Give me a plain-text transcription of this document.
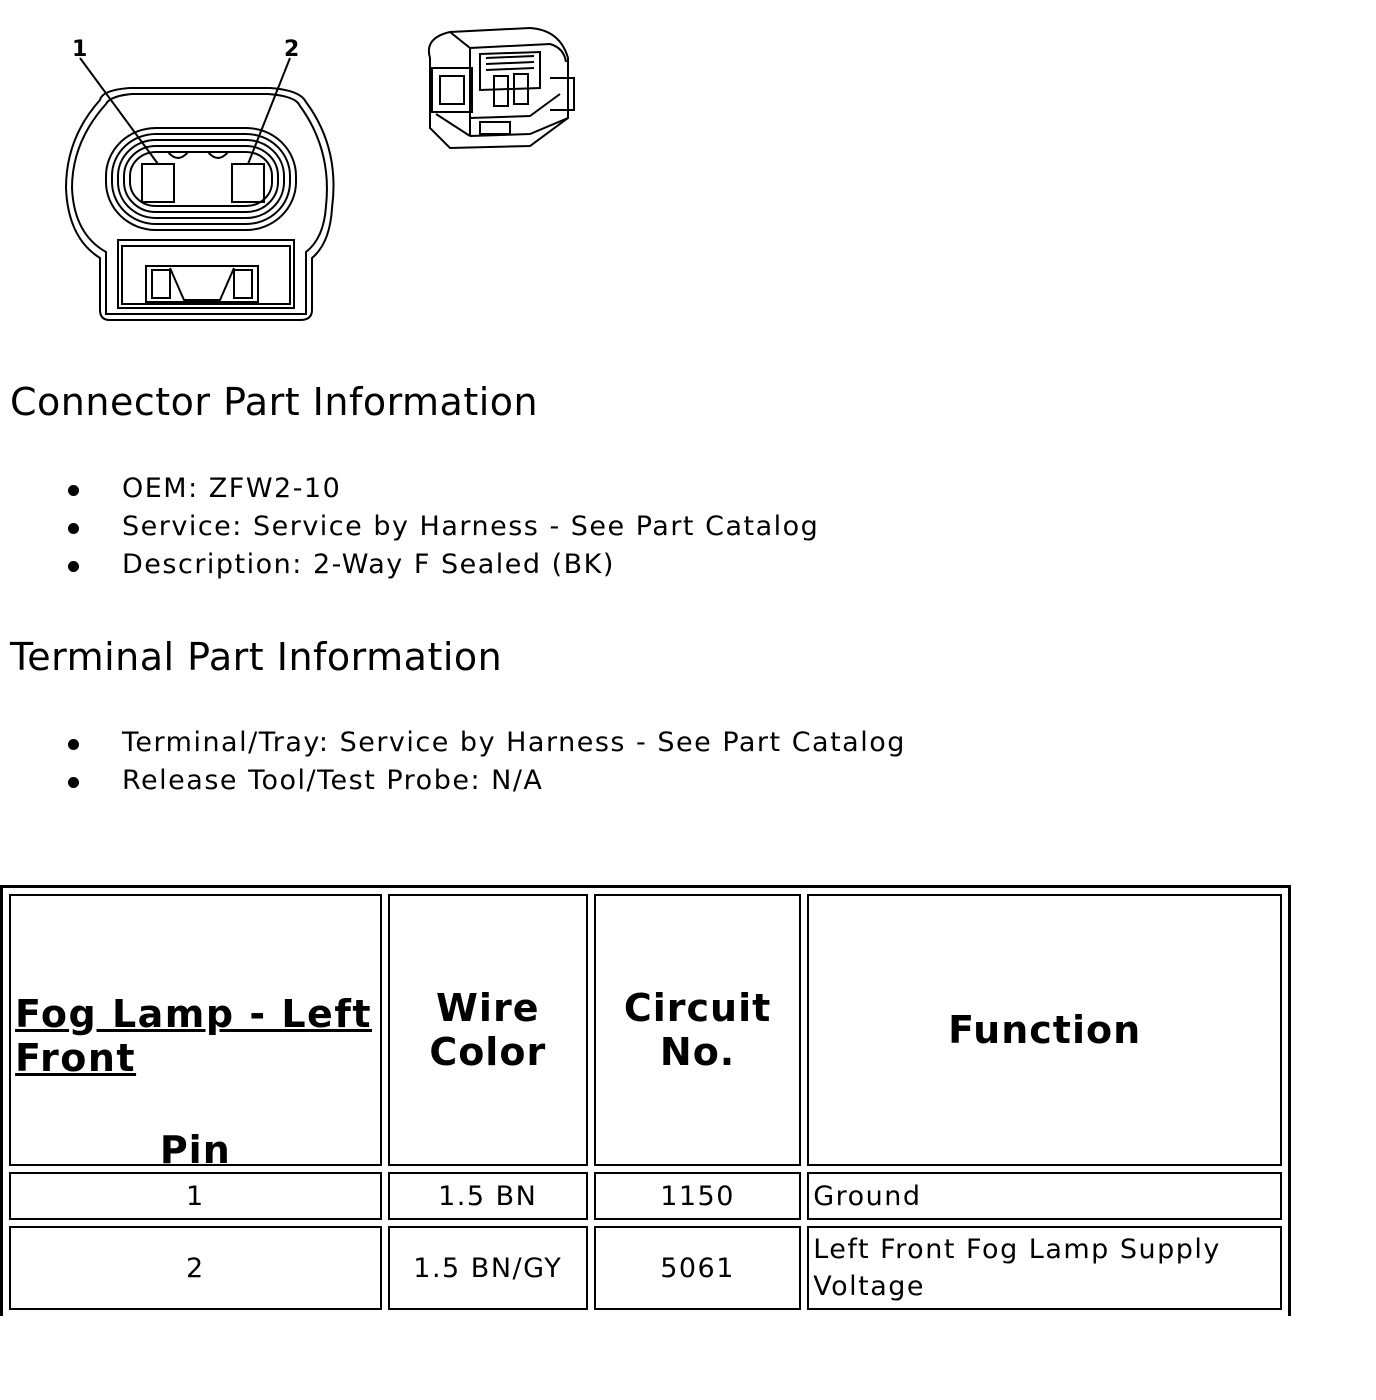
1	2
Connector Part Information
OEM: ZFW2-10
Service: Service by Harness - See Part Catalog
Description: 2-Way F Sealed (BK)
Terminal Part Information
Terminal/Tray: Service by Harness - See Part Catalog
Release Tool/Test Probe: N/A
Fog Lamp - Left Front
Pin	Wire Color	Circuit No.	Function
1	1.5 BN	1150	Ground
2	1.5 BN/GY	5061	Left Front Fog Lamp Supply Voltage
